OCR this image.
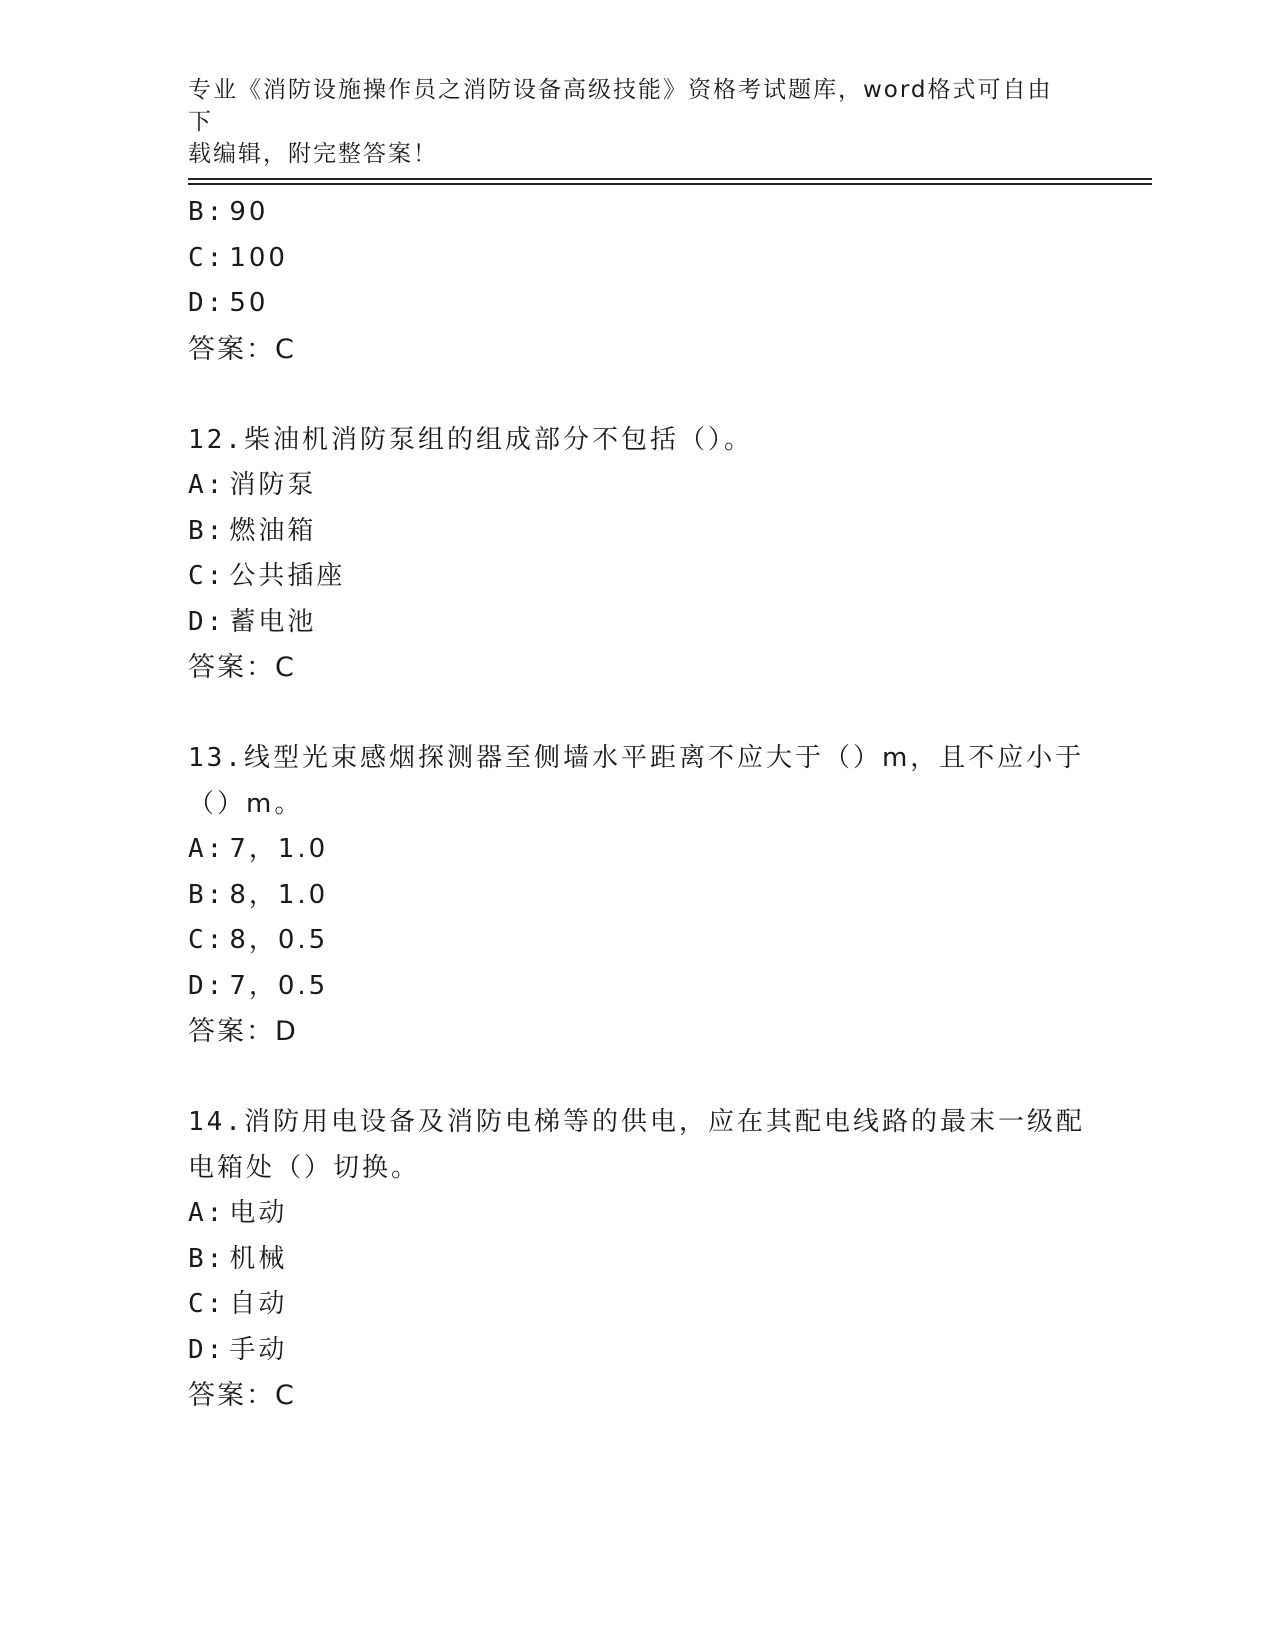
专业《消防设施操作员之消防设备高级技能》资格考试题库，word格式可自由下
载编辑，附完整答案！
B: 90
C: 100
D: 50
答案：C
12.柴油机消防泵组的组成部分不包括（）。
A: 消防泵
B: 燃油箱
C: 公共插座
D: 蓄电池
答案：C
13.线型光束感烟探测器至侧墙水平距离不应大于（）m，且不应小于
（）m。
A: 7，1.0
B: 8，1.0
C: 8，0.5
D: 7，0.5
答案：D
14.消防用电设备及消防电梯等的供电，应在其配电线路的最末一级配
电箱处（）切换。
A: 电动
B: 机械
C: 自动
D: 手动
答案：C
